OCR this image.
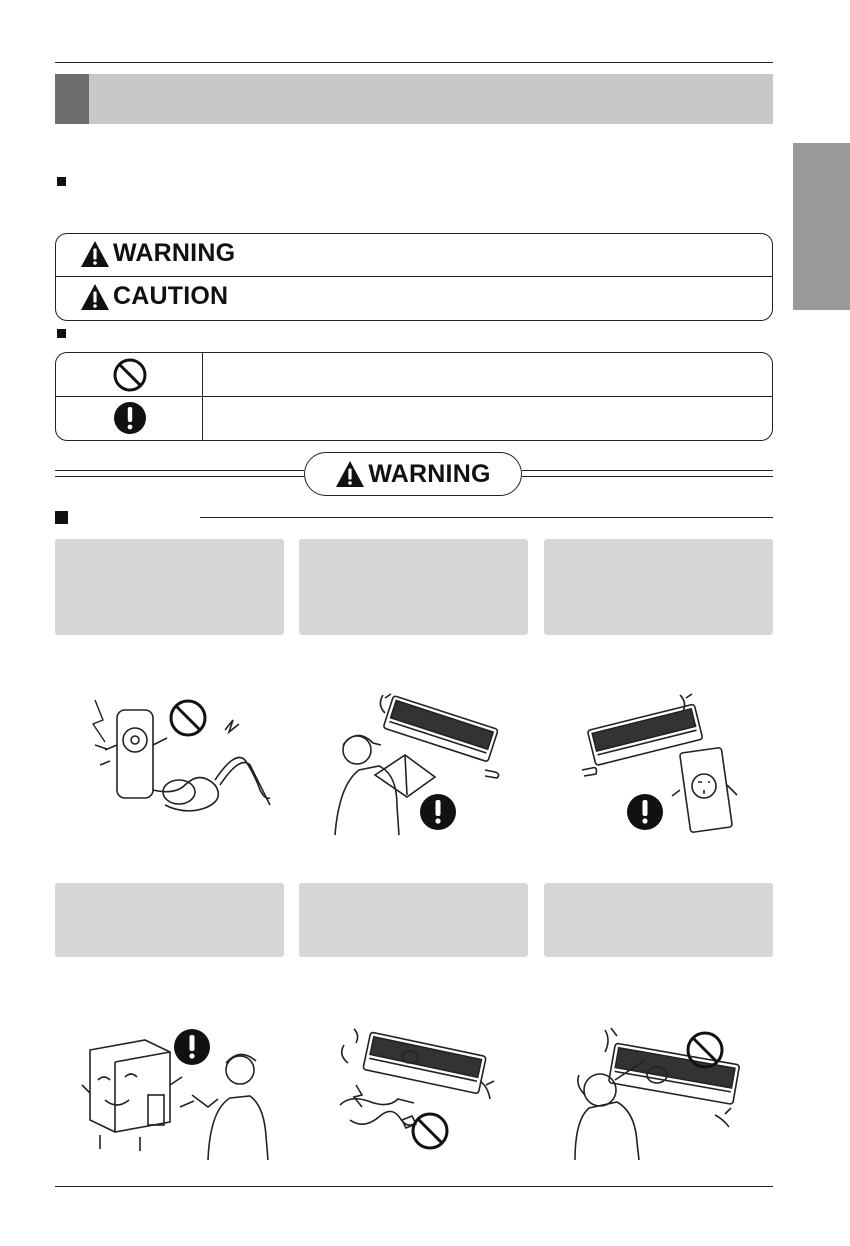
WARNING
CAUTION
WARNING
